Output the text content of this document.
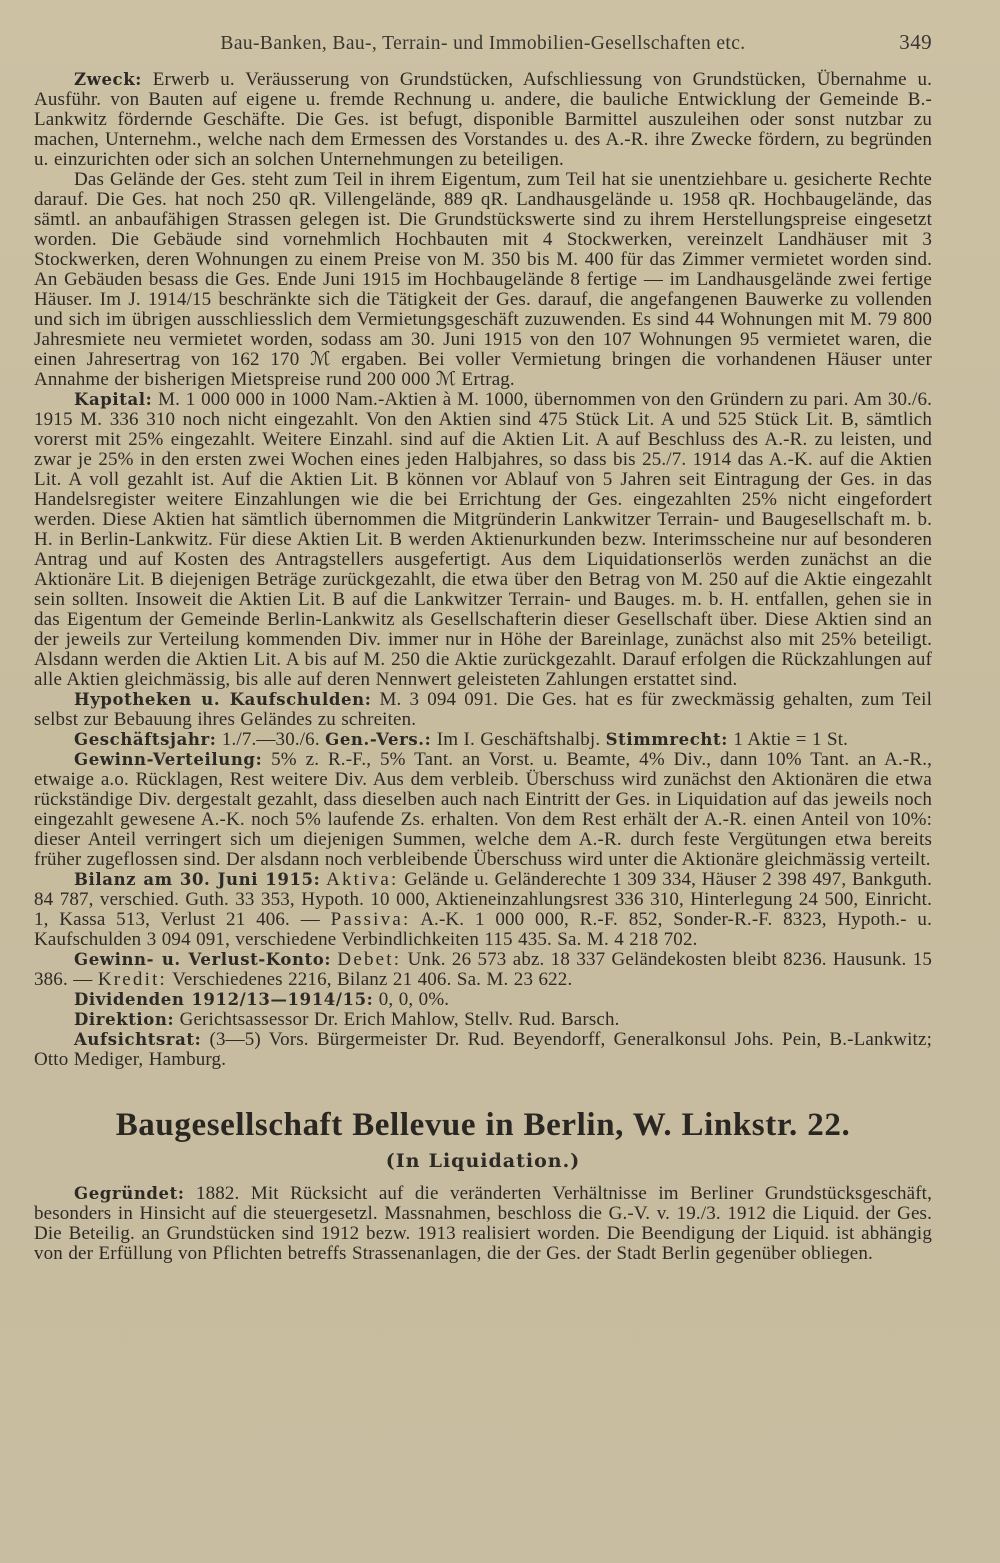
Bau-Banken, Bau-, Terrain- und Immobilien-Gesellschaften etc.	349

Zweck: Erwerb u. Veräusserung von Grundstücken, Aufschliessung von Grundstücken, Übernahme u. Ausführ. von Bauten auf eigene u. fremde Rechnung u. andere, die bauliche Entwicklung der Gemeinde B.-Lankwitz fördernde Geschäfte. Die Ges. ist befugt, disponible Barmittel auszuleihen oder sonst nutzbar zu machen, Unternehm., welche nach dem Ermessen des Vorstandes u. des A.-R. ihre Zwecke fördern, zu begründen u. einzurichten oder sich an solchen Unternehmungen zu beteiligen.

Das Gelände der Ges. steht zum Teil in ihrem Eigentum, zum Teil hat sie unentziehbare u. gesicherte Rechte darauf. Die Ges. hat noch 250 qR. Villengelände, 889 qR. Landhausgelände u. 1958 qR. Hochbaugelände, das sämtl. an anbaufähigen Strassen gelegen ist. Die Grundstückswerte sind zu ihrem Herstellungspreise eingesetzt worden. Die Gebäude sind vornehmlich Hochbauten mit 4 Stockwerken, vereinzelt Landhäuser mit 3 Stockwerken, deren Wohnungen zu einem Preise von M. 350 bis M. 400 für das Zimmer vermietet worden sind. An Gebäuden besass die Ges. Ende Juni 1915 im Hochbaugelände 8 fertige — im Landhausgelände zwei fertige Häuser. Im J. 1914/15 beschränkte sich die Tätigkeit der Ges. darauf, die angefangenen Bauwerke zu vollenden und sich im übrigen ausschliesslich dem Vermietungsgeschäft zuzuwenden. Es sind 44 Wohnungen mit M. 79 800 Jahresmiete neu vermietet worden, sodass am 30. Juni 1915 von den 107 Wohnungen 95 vermietet waren, die einen Jahresertrag von 162 170 ℳ ergaben. Bei voller Vermietung bringen die vorhandenen Häuser unter Annahme der bisherigen Mietspreise rund 200 000 ℳ Ertrag.

Kapital: M. 1 000 000 in 1000 Nam.-Aktien à M. 1000, übernommen von den Gründern zu pari. Am 30./6. 1915 M. 336 310 noch nicht eingezahlt. Von den Aktien sind 475 Stück Lit. A und 525 Stück Lit. B, sämtlich vorerst mit 25% eingezahlt. Weitere Einzahl. sind auf die Aktien Lit. A auf Beschluss des A.-R. zu leisten, und zwar je 25% in den ersten zwei Wochen eines jeden Halbjahres, so dass bis 25./7. 1914 das A.-K. auf die Aktien Lit. A voll gezahlt ist. Auf die Aktien Lit. B können vor Ablauf von 5 Jahren seit Eintragung der Ges. in das Handelsregister weitere Einzahlungen wie die bei Errichtung der Ges. eingezahlten 25% nicht eingefordert werden. Diese Aktien hat sämtlich übernommen die Mitgründerin Lankwitzer Terrain- und Baugesellschaft m. b. H. in Berlin-Lankwitz. Für diese Aktien Lit. B werden Aktienurkunden bezw. Interimsscheine nur auf besonderen Antrag und auf Kosten des Antragstellers ausgefertigt. Aus dem Liquidationserlös werden zunächst an die Aktionäre Lit. B diejenigen Beträge zurückgezahlt, die etwa über den Betrag von M. 250 auf die Aktie eingezahlt sein sollten. Insoweit die Aktien Lit. B auf die Lankwitzer Terrain- und Bauges. m. b. H. entfallen, gehen sie in das Eigentum der Gemeinde Berlin-Lankwitz als Gesellschafterin dieser Gesellschaft über. Diese Aktien sind an der jeweils zur Verteilung kommenden Div. immer nur in Höhe der Bareinlage, zunächst also mit 25% beteiligt. Alsdann werden die Aktien Lit. A bis auf M. 250 die Aktie zurückgezahlt. Darauf erfolgen die Rückzahlungen auf alle Aktien gleichmässig, bis alle auf deren Nennwert geleisteten Zahlungen erstattet sind.

Hypotheken u. Kaufschulden: M. 3 094 091. Die Ges. hat es für zweckmässig gehalten, zum Teil selbst zur Bebauung ihres Geländes zu schreiten.

Geschäftsjahr: 1./7.—30./6. Gen.-Vers.: Im I. Geschäftshalbj. Stimmrecht: 1 Aktie = 1 St.

Gewinn-Verteilung: 5% z. R.-F., 5% Tant. an Vorst. u. Beamte, 4% Div., dann 10% Tant. an A.-R., etwaige a.o. Rücklagen, Rest weitere Div. Aus dem verbleib. Überschuss wird zunächst den Aktionären die etwa rückständige Div. dergestalt gezahlt, dass dieselben auch nach Eintritt der Ges. in Liquidation auf das jeweils noch eingezahlt gewesene A.-K. noch 5% laufende Zs. erhalten. Von dem Rest erhält der A.-R. einen Anteil von 10%: dieser Anteil verringert sich um diejenigen Summen, welche dem A.-R. durch feste Vergütungen etwa bereits früher zugeflossen sind. Der alsdann noch verbleibende Überschuss wird unter die Aktionäre gleichmässig verteilt.

Bilanz am 30. Juni 1915: Aktiva: Gelände u. Geländerechte 1 309 334, Häuser 2 398 497, Bankguth. 84 787, verschied. Guth. 33 353, Hypoth. 10 000, Aktieneinzahlungsrest 336 310, Hinterlegung 24 500, Einricht. 1, Kassa 513, Verlust 21 406. — Passiva: A.-K. 1 000 000, R.-F. 852, Sonder-R.-F. 8323, Hypoth.- u. Kaufschulden 3 094 091, verschiedene Verbindlichkeiten 115 435. Sa. M. 4 218 702.

Gewinn- u. Verlust-Konto: Debet: Unk. 26 573 abz. 18 337 Geländekosten bleibt 8236. Hausunk. 15 386. — Kredit: Verschiedenes 2216, Bilanz 21 406. Sa. M. 23 622.

Dividenden 1912/13—1914/15: 0, 0, 0%.

Direktion: Gerichtsassessor Dr. Erich Mahlow, Stellv. Rud. Barsch.

Aufsichtsrat: (3—5) Vors. Bürgermeister Dr. Rud. Beyendorff, Generalkonsul Johs. Pein, B.-Lankwitz; Otto Mediger, Hamburg.

Baugesellschaft Bellevue in Berlin, W. Linkstr. 22.
(In Liquidation.)

Gegründet: 1882. Mit Rücksicht auf die veränderten Verhältnisse im Berliner Grundstücksgeschäft, besonders in Hinsicht auf die steuergesetzl. Massnahmen, beschloss die G.-V. v. 19./3. 1912 die Liquid. der Ges. Die Beteilig. an Grundstücken sind 1912 bezw. 1913 realisiert worden. Die Beendigung der Liquid. ist abhängig von der Erfüllung von Pflichten betreffs Strassenanlagen, die der Ges. der Stadt Berlin gegenüber obliegen.
